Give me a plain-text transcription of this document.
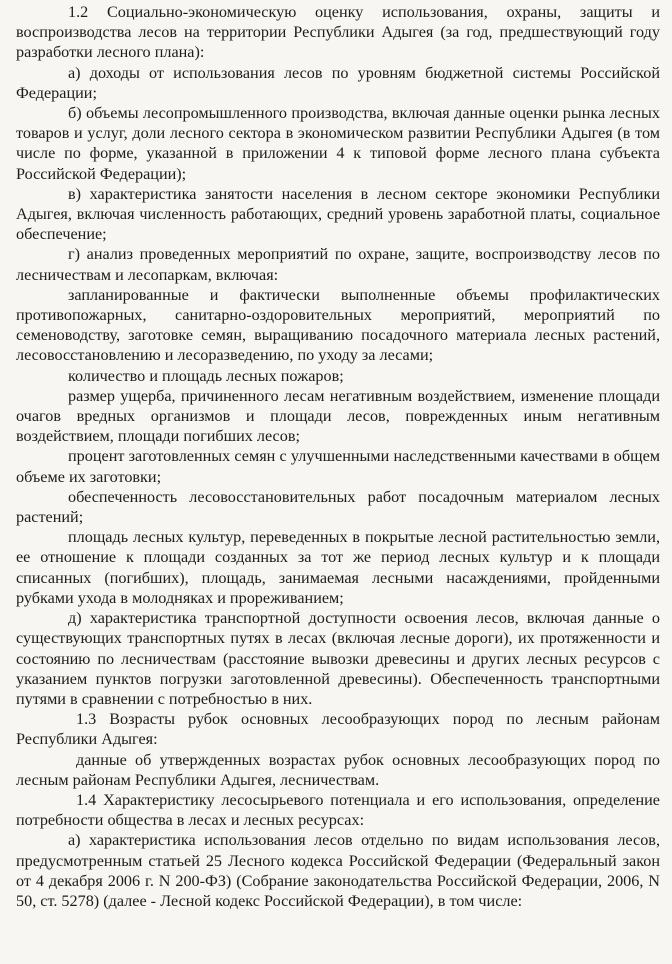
1.2 Социально-экономическую оценку использования, охраны, защиты и воспроизводства лесов на территории Республики Адыгея (за год, предшествующий году разработки лесного плана):

а) доходы от использования лесов по уровням бюджетной системы Российской Федерации;

б) объемы лесопромышленного производства, включая данные оценки рынка лесных товаров и услуг, доли лесного сектора в экономическом развитии Республики Адыгея (в том числе по форме, указанной в приложении 4 к типовой форме лесного плана субъекта Российской Федерации);

в) характеристика занятости населения в лесном секторе экономики Республики Адыгея, включая численность работающих, средний уровень заработной платы, социальное обеспечение;

г) анализ проведенных мероприятий по охране, защите, воспроизводству лесов по лесничествам и лесопаркам, включая:

запланированные и фактически выполненные объемы профилактических противопожарных, санитарно-оздоровительных мероприятий, мероприятий по семеноводству, заготовке семян, выращиванию посадочного материала лесных растений, лесовосстановлению и лесоразведению, по уходу за лесами;

количество и площадь лесных пожаров;

размер ущерба, причиненного лесам негативным воздействием, изменение площади очагов вредных организмов и площади лесов, поврежденных иным негативным воздействием, площади погибших лесов;

процент заготовленных семян с улучшенными наследственными качествами в общем объеме их заготовки;

обеспеченность лесовосстановительных работ посадочным материалом лесных растений;

площадь лесных культур, переведенных в покрытые лесной растительностью земли, ее отношение к площади созданных за тот же период лесных культур и к площади списанных (погибших), площадь, занимаемая лесными насаждениями, пройденными рубками ухода в молодняках и прореживанием;

д) характеристика транспортной доступности освоения лесов, включая данные о существующих транспортных путях в лесах (включая лесные дороги), их протяженности и состоянию по лесничествам (расстояние вывозки древесины и других лесных ресурсов с указанием пунктов погрузки заготовленной древесины). Обеспеченность транспортными путями в сравнении с потребностью в них.

1.3 Возрасты рубок основных лесообразующих пород по лесным районам Республики Адыгея:

данные об утвержденных возрастах рубок основных лесообразующих пород по лесным районам Республики Адыгея, лесничествам.

1.4 Характеристику лесосырьевого потенциала и его использования, определение потребности общества в лесах и лесных ресурсах:

а) характеристика использования лесов отдельно по видам использования лесов, предусмотренным статьей 25 Лесного кодекса Российской Федерации (Федеральный закон от 4 декабря 2006 г. N 200-ФЗ) (Собрание законодательства Российской Федерации, 2006, N 50, ст. 5278) (далее - Лесной кодекс Российской Федерации), в том числе:
